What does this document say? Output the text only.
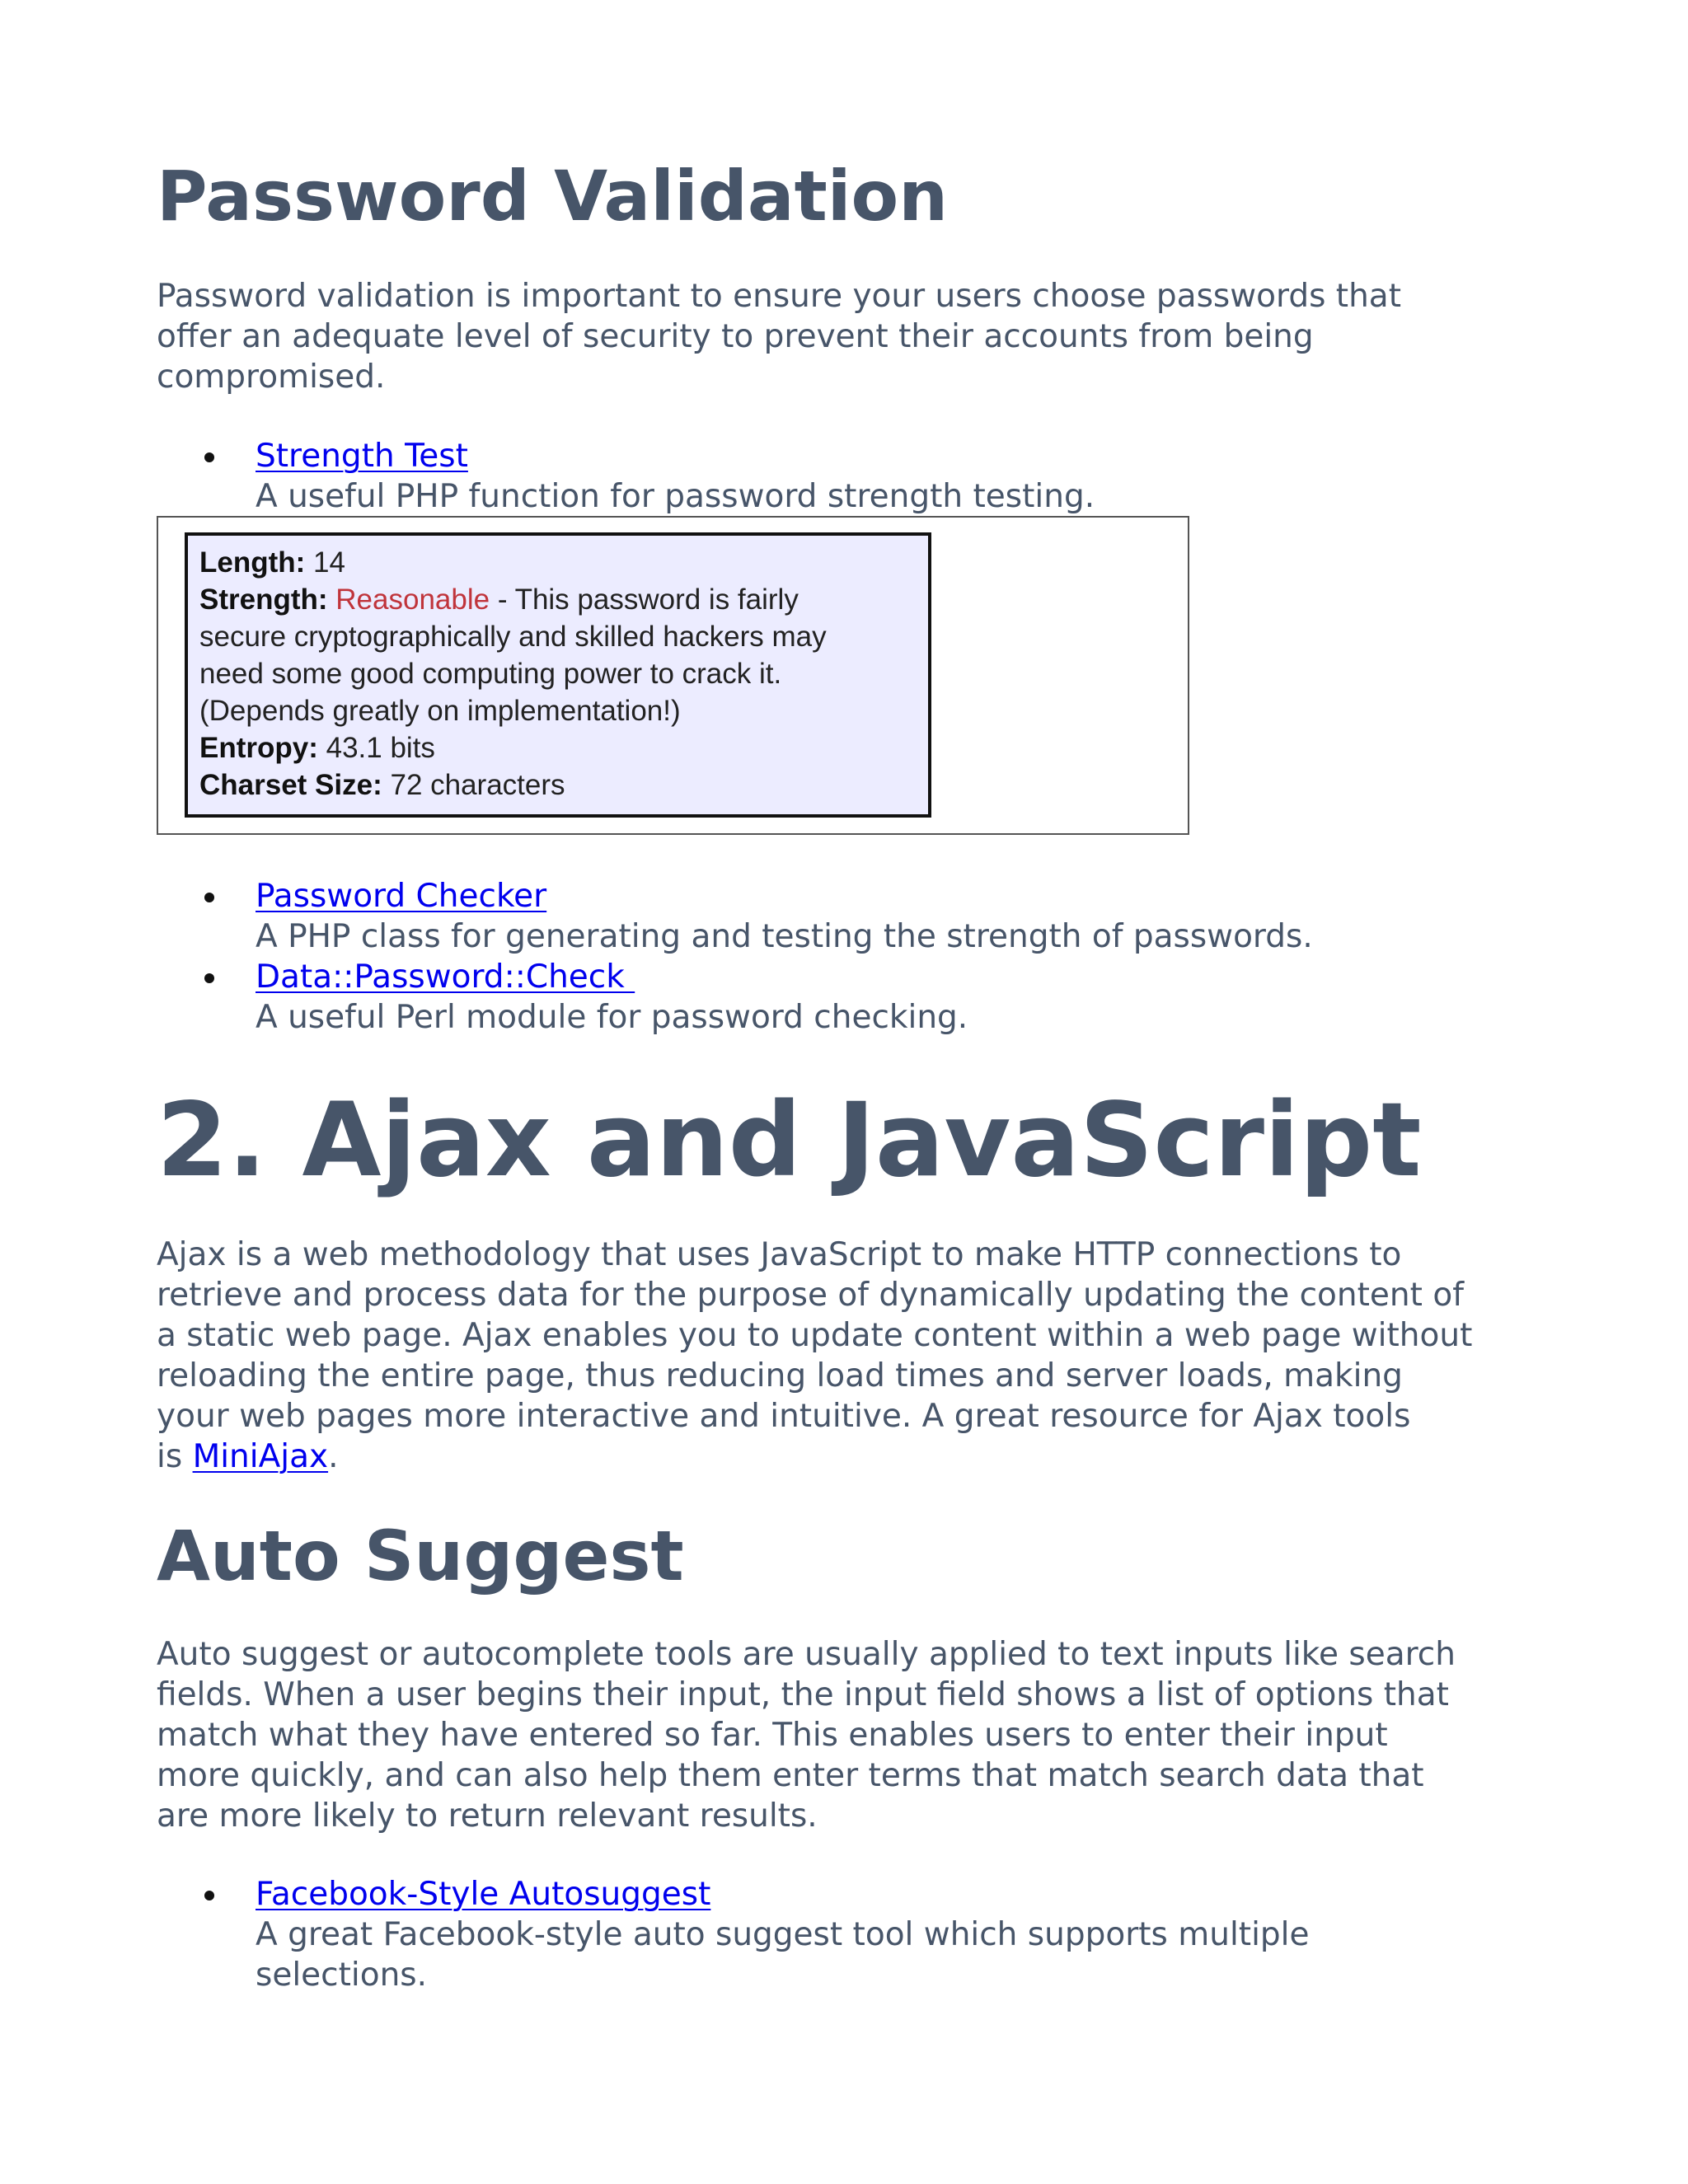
Password Validation

Password validation is important to ensure your users choose passwords that
offer an adequate level of security to prevent their accounts from being
compromised.

Strength Test
A useful PHP function for password strength testing.
Length: 14
Strength: Reasonable - This password is fairly
secure cryptographically and skilled hackers may
need some good computing power to crack it.
(Depends greatly on implementation!)
Entropy: 43.1 bits
Charset Size: 72 characters
Password Checker
A PHP class for generating and testing the strength of passwords.
Data::Password::Check
A useful Perl module for password checking.
2. Ajax and JavaScript

Ajax is a web methodology that uses JavaScript to make HTTP connections to
retrieve and process data for the purpose of dynamically updating the content of
a static web page. Ajax enables you to update content within a web page without
reloading the entire page, thus reducing load times and server loads, making
your web pages more interactive and intuitive. A great resource for Ajax tools
is MiniAjax.

Auto Suggest

Auto suggest or autocomplete tools are usually applied to text inputs like search
fields. When a user begins their input, the input field shows a list of options that
match what they have entered so far. This enables users to enter their input
more quickly, and can also help them enter terms that match search data that
are more likely to return relevant results.

Facebook-Style Autosuggest
A great Facebook-style auto suggest tool which supports multiple
selections.
